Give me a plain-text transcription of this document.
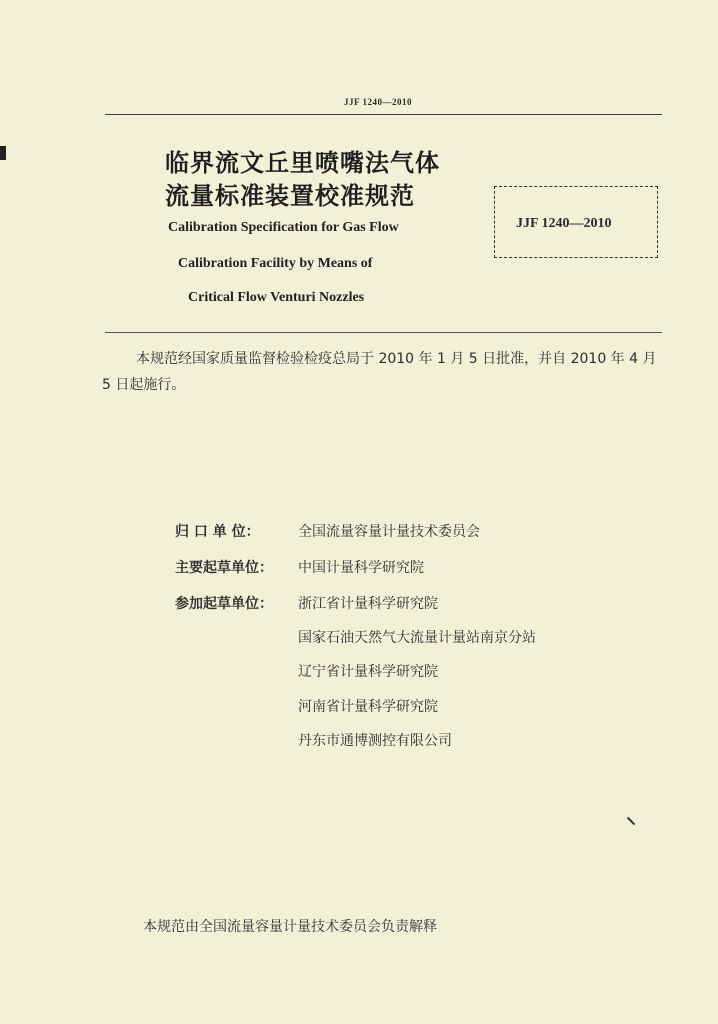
JJF 1240—2010
临界流文丘里喷嘴法气体
流量标准装置校准规范
Calibration Specification for Gas Flow
Calibration Facility by Means of
Critical Flow Venturi Nozzles
JJF 1240—2010
本规范经国家质量监督检验检疫总局于 2010 年 1 月 5 日批准，并自 2010 年 4 月 5 日起施行。
归 口 单 位：	全国流量容量计量技术委员会
主要起草单位：	中国计量科学研究院
参加起草单位：	浙江省计量科学研究院
国家石油天然气大流量计量站南京分站
辽宁省计量科学研究院
河南省计量科学研究院
丹东市通博测控有限公司
本规范由全国流量容量计量技术委员会负责解释
